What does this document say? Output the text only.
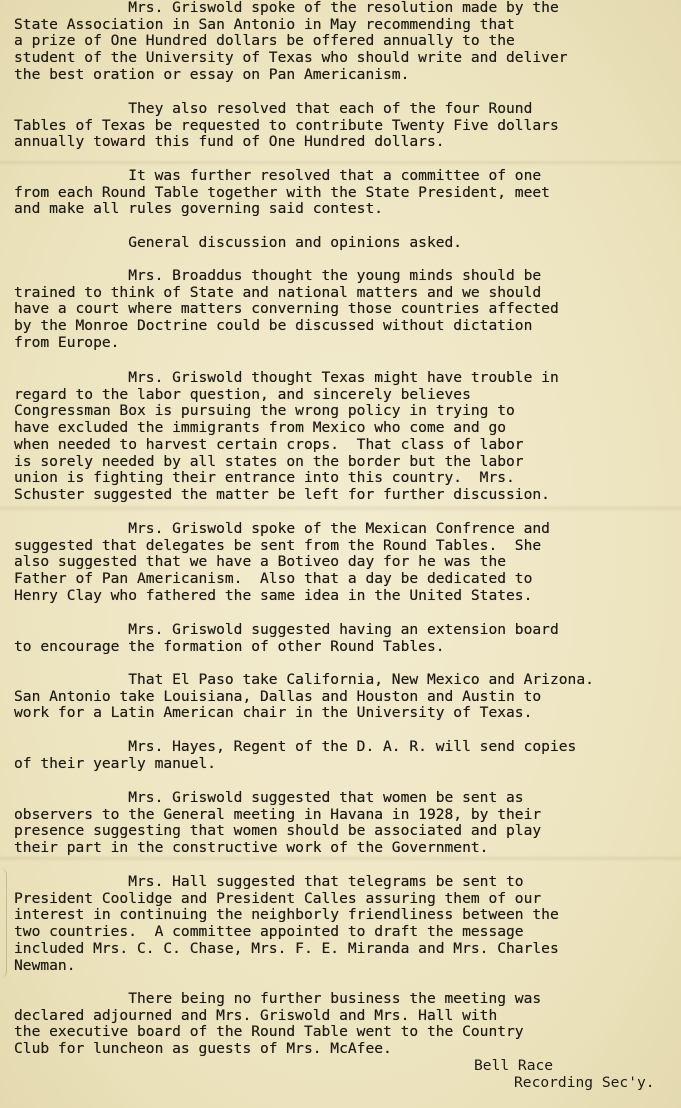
Mrs. Griswold spoke of the resolution made by the
State Association in San Antonio in May recommending that
a prize of One Hundred dollars be offered annually to the
student of the University of Texas who should write and deliver
the best oration or essay on Pan Americanism.

They also resolved that each of the four Round
Tables of Texas be requested to contribute Twenty Five dollars
annually toward this fund of One Hundred dollars.

It was further resolved that a committee of one
from each Round Table together with the State President, meet
and make all rules governing said contest.

General discussion and opinions asked.

Mrs. Broaddus thought the young minds should be
trained to think of State and national matters and we should
have a court where matters converning those countries affected
by the Monroe Doctrine could be discussed without dictation
from Europe.

Mrs. Griswold thought Texas might have trouble in
regard to the labor question, and sincerely believes
Congressman Box is pursuing the wrong policy in trying to
have excluded the immigrants from Mexico who come and go
when needed to harvest certain crops.  That class of labor
is sorely needed by all states on the border but the labor
union is fighting their entrance into this country.  Mrs.
Schuster suggested the matter be left for further discussion.

Mrs. Griswold spoke of the Mexican Confrence and
suggested that delegates be sent from the Round Tables.  She
also suggested that we have a Botiveo day for he was the
Father of Pan Americanism.  Also that a day be dedicated to
Henry Clay who fathered the same idea in the United States.

Mrs. Griswold suggested having an extension board
to encourage the formation of other Round Tables.

That El Paso take California, New Mexico and Arizona.
San Antonio take Louisiana, Dallas and Houston and Austin to
work for a Latin American chair in the University of Texas.

Mrs. Hayes, Regent of the D. A. R. will send copies
of their yearly manuel.

Mrs. Griswold suggested that women be sent as
observers to the General meeting in Havana in 1928, by their
presence suggesting that women should be associated and play
their part in the constructive work of the Government.

Mrs. Hall suggested that telegrams be sent to
President Coolidge and President Calles assuring them of our
interest in continuing the neighborly friendliness between the
two countries.  A committee appointed to draft the message
included Mrs. C. C. Chase, Mrs. F. E. Miranda and Mrs. Charles
Newman.

There being no further business the meeting was
declared adjourned and Mrs. Griswold and Mrs. Hall with
the executive board of the Round Table went to the Country
Club for luncheon as guests of Mrs. McAfee.

Bell Race

Recording Sec'y.
